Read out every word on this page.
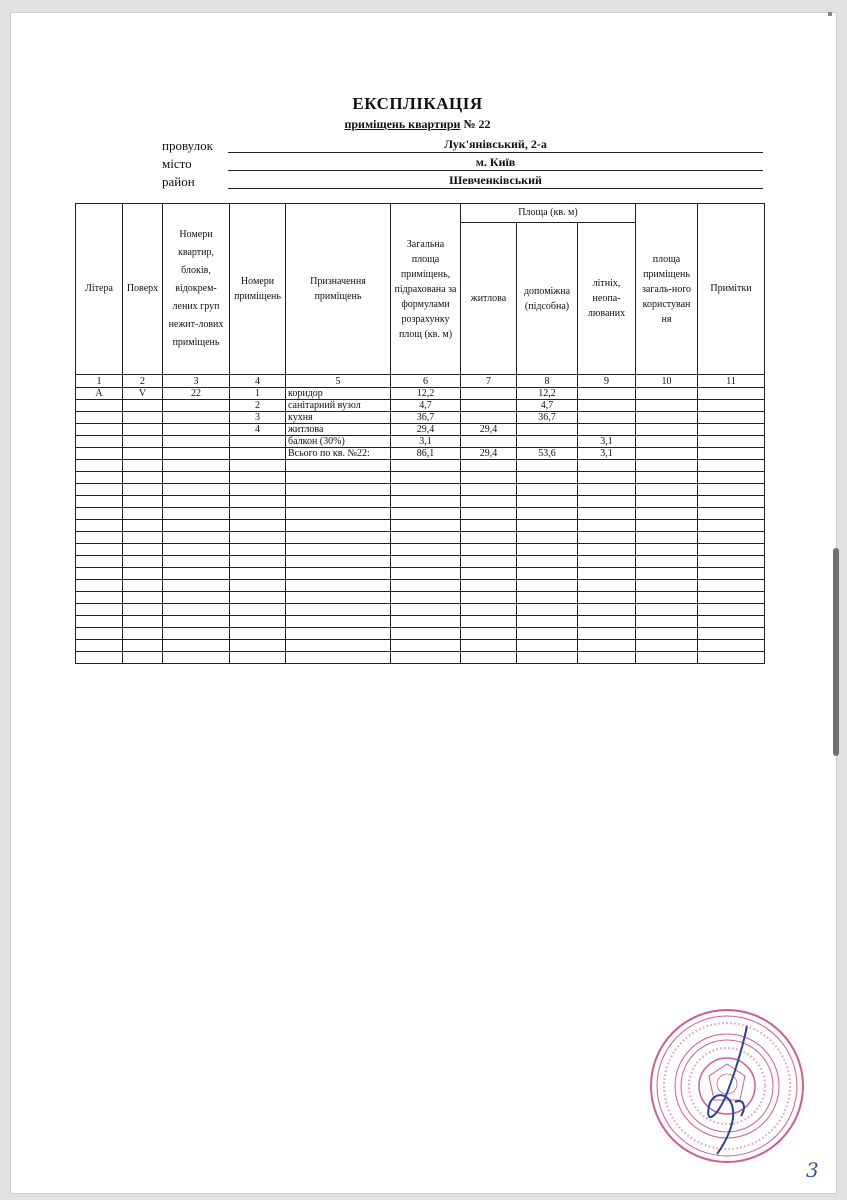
ЕКСПЛІКАЦІЯ
приміщень квартири № 22
провулок	Лук'янівський, 2-а
місто	м. Київ
район	Шевченківський
Літера	Поверх	Номери квартир, блоків, відокрем-лених груп нежит-лових приміщень	Номери приміщень	Призначення приміщень	Загальна площа приміщень, підрахована за формулами розрахунку площ (кв. м)	Площа (кв. м)			площа приміщень загаль-ного користуван ня	Примітки
						житлова	допоміжна (підсобна)	літніх, неопа-люваних		
1	2	3	4	5	6	7	8	9	10	11
А	V	22	1	коридор	12,2		12,2			
			2	санітарний вузол	4,7		4,7			
			3	кухня	36,7		36,7			
			4	житлова	29,4	29,4				
				балкон (30%)	3,1			3,1		
				Всього по кв. №22:	86,1	29,4	53,6	3,1		

3
